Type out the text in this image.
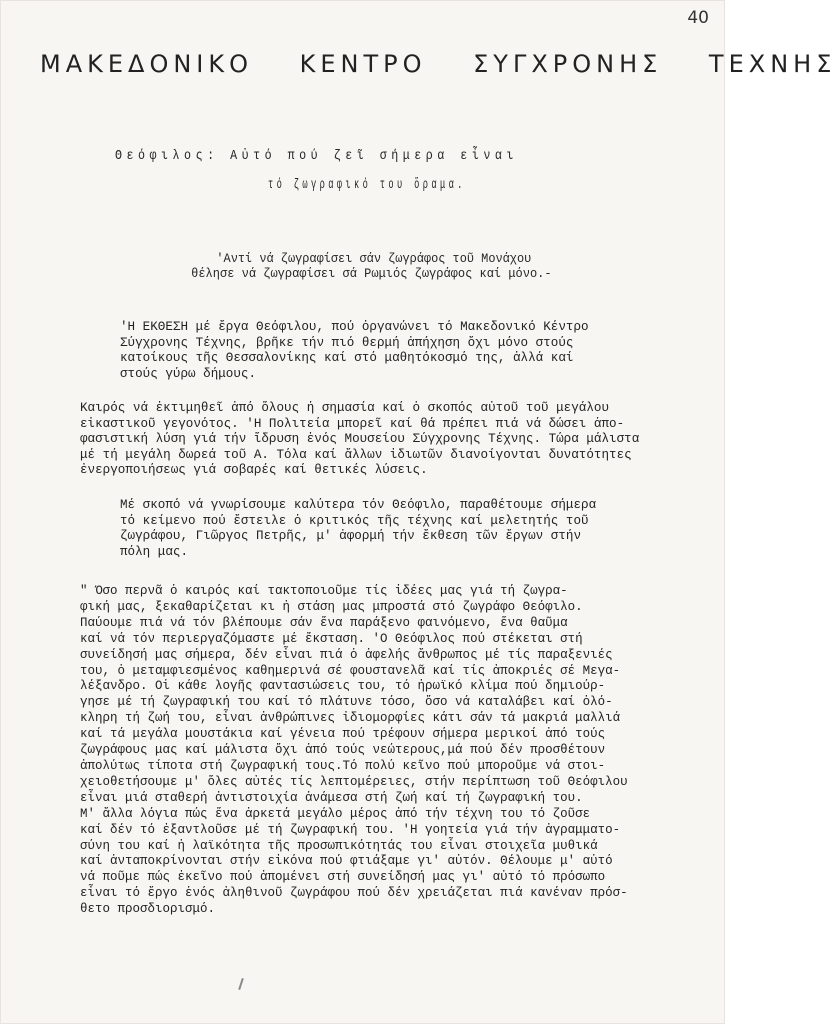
40
ΜΑΚΕΔΟΝΙΚΟ ΚΕΝΤΡΟ ΣΥΓΧΡΟΝΗΣ ΤΕΧΝΗΣ
Θεόφιλος: Αὐτό πού ζεῖ σήμερα εἶναι
τό ζωγραφικό του ὅραμα.
'Αντί νά ζωγραφίσει σάν ζωγράφος τοῦ Μονάχου
θέλησε νά ζωγραφίσει σά Ρωμιός ζωγράφος καί μόνο.-
'Η ΕΚΘΕΣΗ μέ ἔργα Θεόφιλου, πού ὀργανώνει τό Μακεδονικό Κέντρο
Σύγχρονης Τέχνης, βρῆκε τήν πιό θερμή ἀπήχηση ὄχι μόνο στούς
κατοίκους τῆς Θεσσαλονίκης καί στό μαθητόκοσμό της, ἀλλά καί
στούς γύρω δήμους.
Καιρός νά ἐκτιμηθεῖ ἀπό ὅλους ἡ σημασία καί ὁ σκοπός αὐτοῦ τοῦ μεγάλου
εἰκαστικοῦ γεγονότος. 'Η Πολιτεία μπορεῖ καί θά πρέπει πιά νά δώσει ἀπο-
φασιστική λύση γιά τήν ἵδρυση ἑνός Μουσείου Σύγχρονης Τέχνης. Τώρα μάλιστα
μέ τή μεγάλη δωρεά τοῦ Α. Τόλα καί ἄλλων ἰδιωτῶν διανοίγονται δυνατότητες
ἐνεργοποιήσεως γιά σοβαρές καί θετικές λύσεις.
Μέ σκοπό νά γνωρίσουμε καλύτερα τόν Θεόφιλο, παραθέτουμε σήμερα
τό κείμενο πού ἔστειλε ὁ κριτικός τῆς τέχνης καί μελετητής τοῦ
ζωγράφου, Γιῶργος Πετρῆς, μ' ἀφορμή τήν ἔκθεση τῶν ἔργων στήν
πόλη μας.
" Όσο περνᾶ ὁ καιρός καί τακτοποιοῦμε τίς ἰδέες μας γιά τή ζωγρα-
φική μας, ξεκαθαρίζεται κι ἡ στάση μας μπροστά στό ζωγράφο Θεόφιλο.
Παύουμε πιά νά τόν βλέπουμε σάν ἕνα παράξενο φαινόμενο, ἕνα θαῦμα
καί νά τόν περιεργαζόμαστε μέ ἔκσταση. 'Ο Θεόφιλος πού στέκεται στή
συνείδησή μας σήμερα, δέν εἶναι πιά ὁ ἀφελής ἄνθρωπος μέ τίς παραξενιές
του, ὁ μεταμφιεσμένος καθημερινά σέ φουστανελᾶ καί τίς ἀποκριές σέ Μεγα-
λέξανδρο. Οἱ κάθε λογῆς φαντασιώσεις του, τό ἡρωϊκό κλίμα πού δημιούρ-
γησε μέ τή ζωγραφική του καί τό πλάτυνε τόσο, ὅσο νά καταλάβει καί ὁλό-
κληρη τή ζωή του, εἶναι ἀνθρώπινες ἰδιομορφίες κάτι σάν τά μακριά μαλλιά
καί τά μεγάλα μουστάκια καί γένεια πού τρέφουν σήμερα μερικοί ἀπό τούς
ζωγράφους μας καί μάλιστα ὄχι ἀπό τούς νεώτερους,μά πού δέν προσθέτουν
ἀπολύτως τίποτα στή ζωγραφική τους.Τό πολύ κεῖνο πού μποροῦμε νά στοι-
χειοθετήσουμε μ' ὅλες αὐτές τίς λεπτομέρειες, στήν περίπτωση τοῦ Θεόφιλου
εἶναι μιά σταθερή ἀντιστοιχία ἀνάμεσα στή ζωή καί τή ζωγραφική του.
Μ' ἄλλα λόγια πώς ἕνα ἀρκετά μεγάλο μέρος ἀπό τήν τέχνη του τό ζοῦσε
καί δέν τό ἐξαντλοῦσε μέ τή ζωγραφική του. 'Η γοητεία γιά τήν ἀγραμματο-
σύνη του καί ἡ λαϊκότητα τῆς προσωπικότητάς του εἶναι στοιχεῖα μυθικά
καί ἀνταποκρίνονται στήν εἰκόνα πού φτιάξαμε γι' αὐτόν. Θέλουμε μ' αὐτό
νά ποῦμε πώς ἐκεῖνο πού ἀπομένει στή συνείδησή μας γι' αὐτό τό πρόσωπο
εἶναι τό ἔργο ἑνός ἀληθινοῦ ζωγράφου πού δέν χρειάζεται πιά κανέναν πρόσ-
θετο προσδιορισμό.
